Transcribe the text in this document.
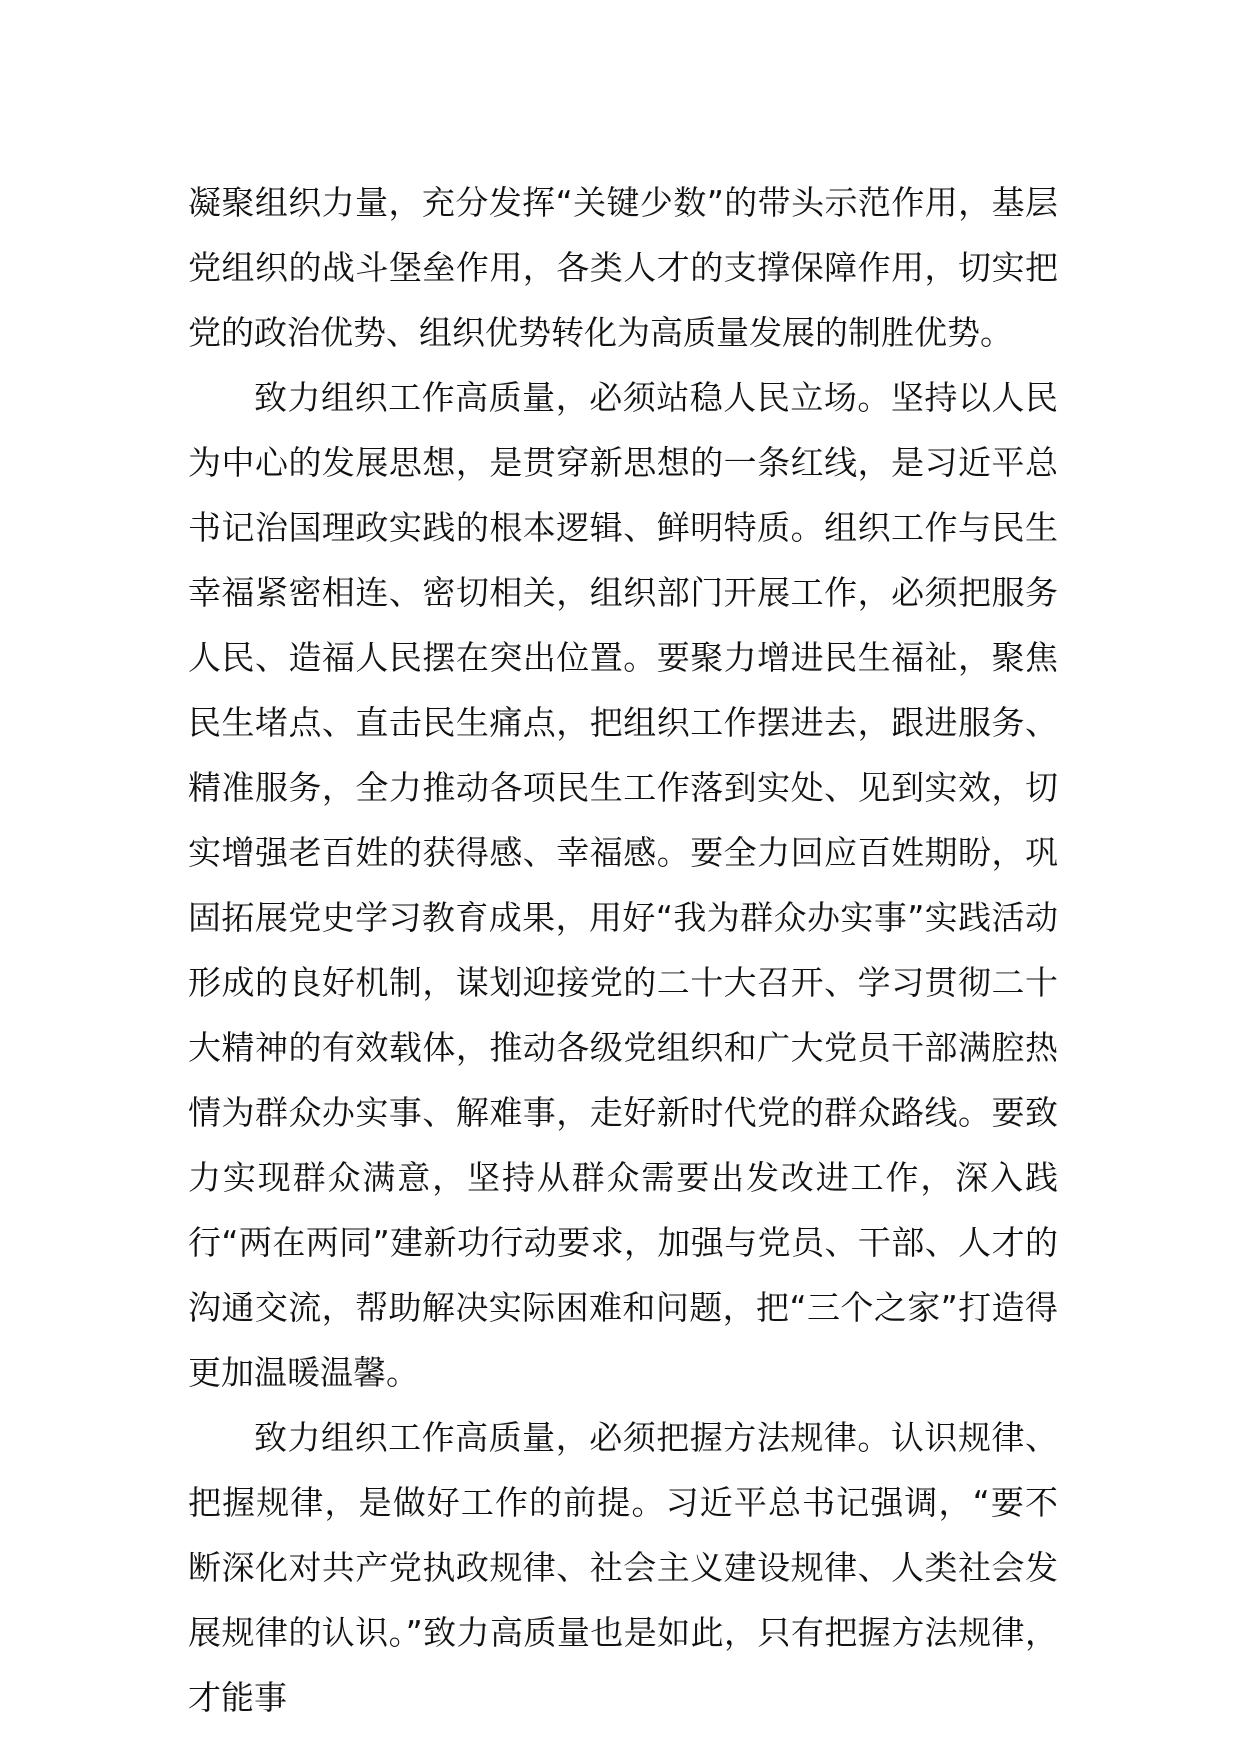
凝聚组织力量，充分发挥“关键少数”的带头示范作用，基层党组织的战斗堡垒作用，各类人才的支撑保障作用，切实把党的政治优势、组织优势转化为高质量发展的制胜优势。

致力组织工作高质量，必须站稳人民立场。坚持以人民为中心的发展思想，是贯穿新思想的一条红线，是习近平总书记治国理政实践的根本逻辑、鲜明特质。组织工作与民生幸福紧密相连、密切相关，组织部门开展工作，必须把服务人民、造福人民摆在突出位置。要聚力增进民生福祉，聚焦民生堵点、直击民生痛点，把组织工作摆进去，跟进服务、精准服务，全力推动各项民生工作落到实处、见到实效，切实增强老百姓的获得感、幸福感。要全力回应百姓期盼，巩固拓展党史学习教育成果，用好“我为群众办实事”实践活动形成的良好机制，谋划迎接党的二十大召开、学习贯彻二十大精神的有效载体，推动各级党组织和广大党员干部满腔热情为群众办实事、解难事，走好新时代党的群众路线。要致力实现群众满意，坚持从群众需要出发改进工作，深入践行“两在两同”建新功行动要求，加强与党员、干部、人才的沟通交流，帮助解决实际困难和问题，把“三个之家”打造得更加温暖温馨。

致力组织工作高质量，必须把握方法规律。认识规律、把握规律，是做好工作的前提。习近平总书记强调，“要不断深化对共产党执政规律、社会主义建设规律、人类社会发展规律的认识。”致力高质量也是如此，只有把握方法规律，才能事
